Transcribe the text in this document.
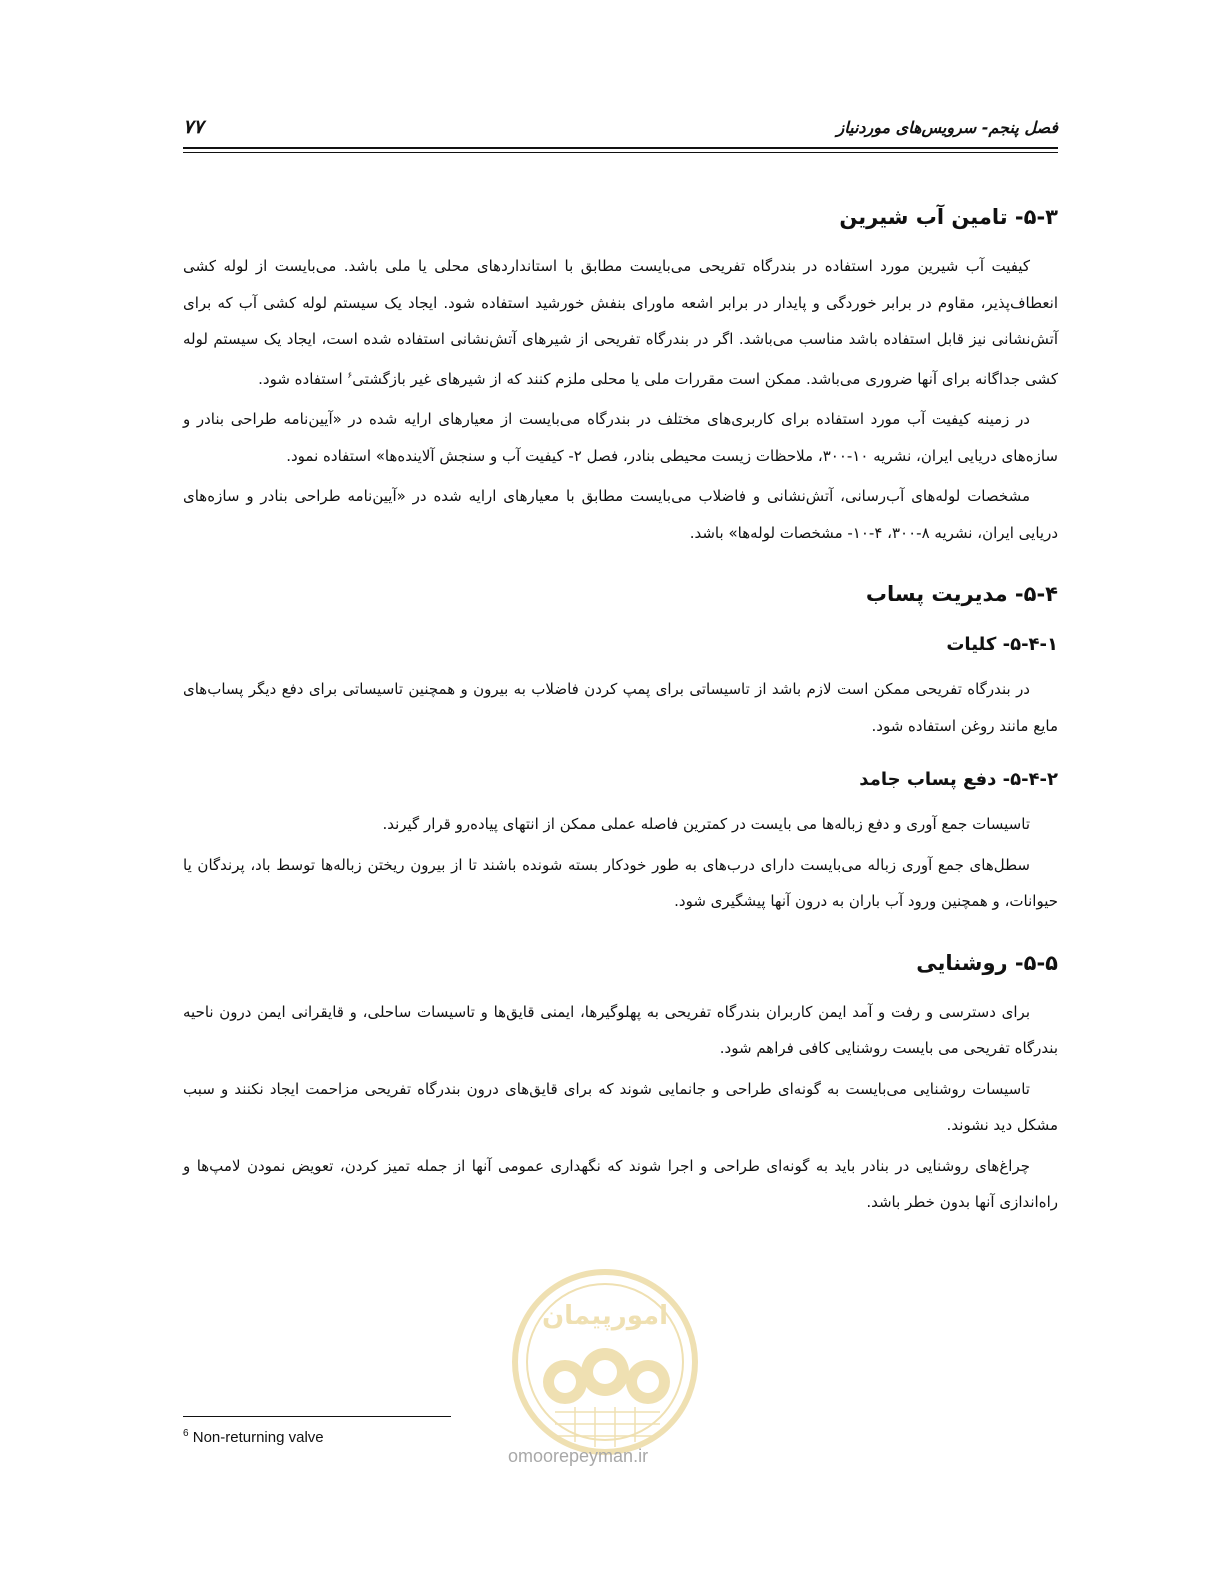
فصل پنجم- سرویس‌های موردنیاز
۷۷
۵-۳- تامین آب شیرین

کیفیت آب شیرین مورد استفاده در بندرگاه تفریحی می‌بایست مطابق با استانداردهای محلی یا ملی باشد. می‌بایست از لوله کشی انعطاف‌پذیر، مقاوم در برابر خوردگی و پایدار در برابر اشعه ماورای بنفش خورشید استفاده شود. ایجاد یک سیستم لوله کشی آب که برای آتش‌نشانی نیز قابل استفاده باشد مناسب می‌باشد. اگر در بندرگاه تفریحی از شیرهای آتش‌نشانی استفاده شده است، ایجاد یک سیستم لوله کشی جداگانه برای آنها ضروری می‌باشد. ممکن است مقررات ملی یا محلی ملزم کنند که از شیرهای غیر بازگشتی$^۶$ استفاده شود.

در زمینه کیفیت آب مورد استفاده برای کاربری‌های مختلف در بندرگاه می‌بایست از معیارهای ارایه شده در «آیین‌نامه طراحی بنادر و سازه‌های دریایی ایران، نشریه ۱۰-۳۰۰، ملاحظات زیست محیطی بنادر، فصل ۲- کیفیت آب و سنجش آلاینده‌ها» استفاده نمود.

مشخصات لوله‌های آب‌رسانی، آتش‌نشانی و فاضلاب می‌بایست مطابق با معیارهای ارایه شده در «آیین‌نامه طراحی بنادر و سازه‌های دریایی ایران، نشریه ۸-۳۰۰، ۴-۱۰- مشخصات لوله‌ها» باشد.

۵-۴- مدیریت پساب
۵-۴-۱- کلیات

در بندرگاه تفریحی ممکن است لازم باشد از تاسیساتی برای پمپ کردن فاضلاب به بیرون و همچنین تاسیساتی برای دفع دیگر پساب‌های مایع مانند روغن استفاده شود.

۵-۴-۲- دفع پساب جامد

تاسیسات جمع آوری و دفع زباله‌ها می بایست در کمترین فاصله عملی ممکن از انتهای پیاده‌رو قرار گیرند.

سطل‌های جمع آوری زباله می‌بایست دارای درب‌های به طور خودکار بسته شونده باشند تا از بیرون ریختن زباله‌ها توسط باد، پرندگان یا حیوانات، و همچنین ورود آب باران به درون آنها پیشگیری شود.

۵-۵- روشنایی

برای دسترسی و رفت و آمد ایمن کاربران بندرگاه تفریحی به پهلوگیرها، ایمنی قایق‌ها و تاسیسات ساحلی، و قایقرانی ایمن درون ناحیه بندرگاه تفریحی می بایست روشنایی کافی فراهم شود.

تاسیسات روشنایی می‌بایست به گونه‌ای طراحی و جانمایی شوند که برای قایق‌های درون بندرگاه تفریحی مزاحمت ایجاد نکنند و سبب مشکل دید نشوند.

چراغ‌های روشنایی در بنادر باید به گونه‌ای طراحی و اجرا شوند که نگهداری عمومی آنها از جمله تمیز کردن، تعویض نمودن لامپ‌ها و راه‌اندازی آنها بدون خطر باشد.

امورپیمان
omoorepeyman.ir
$^6$ Non-returning valve
